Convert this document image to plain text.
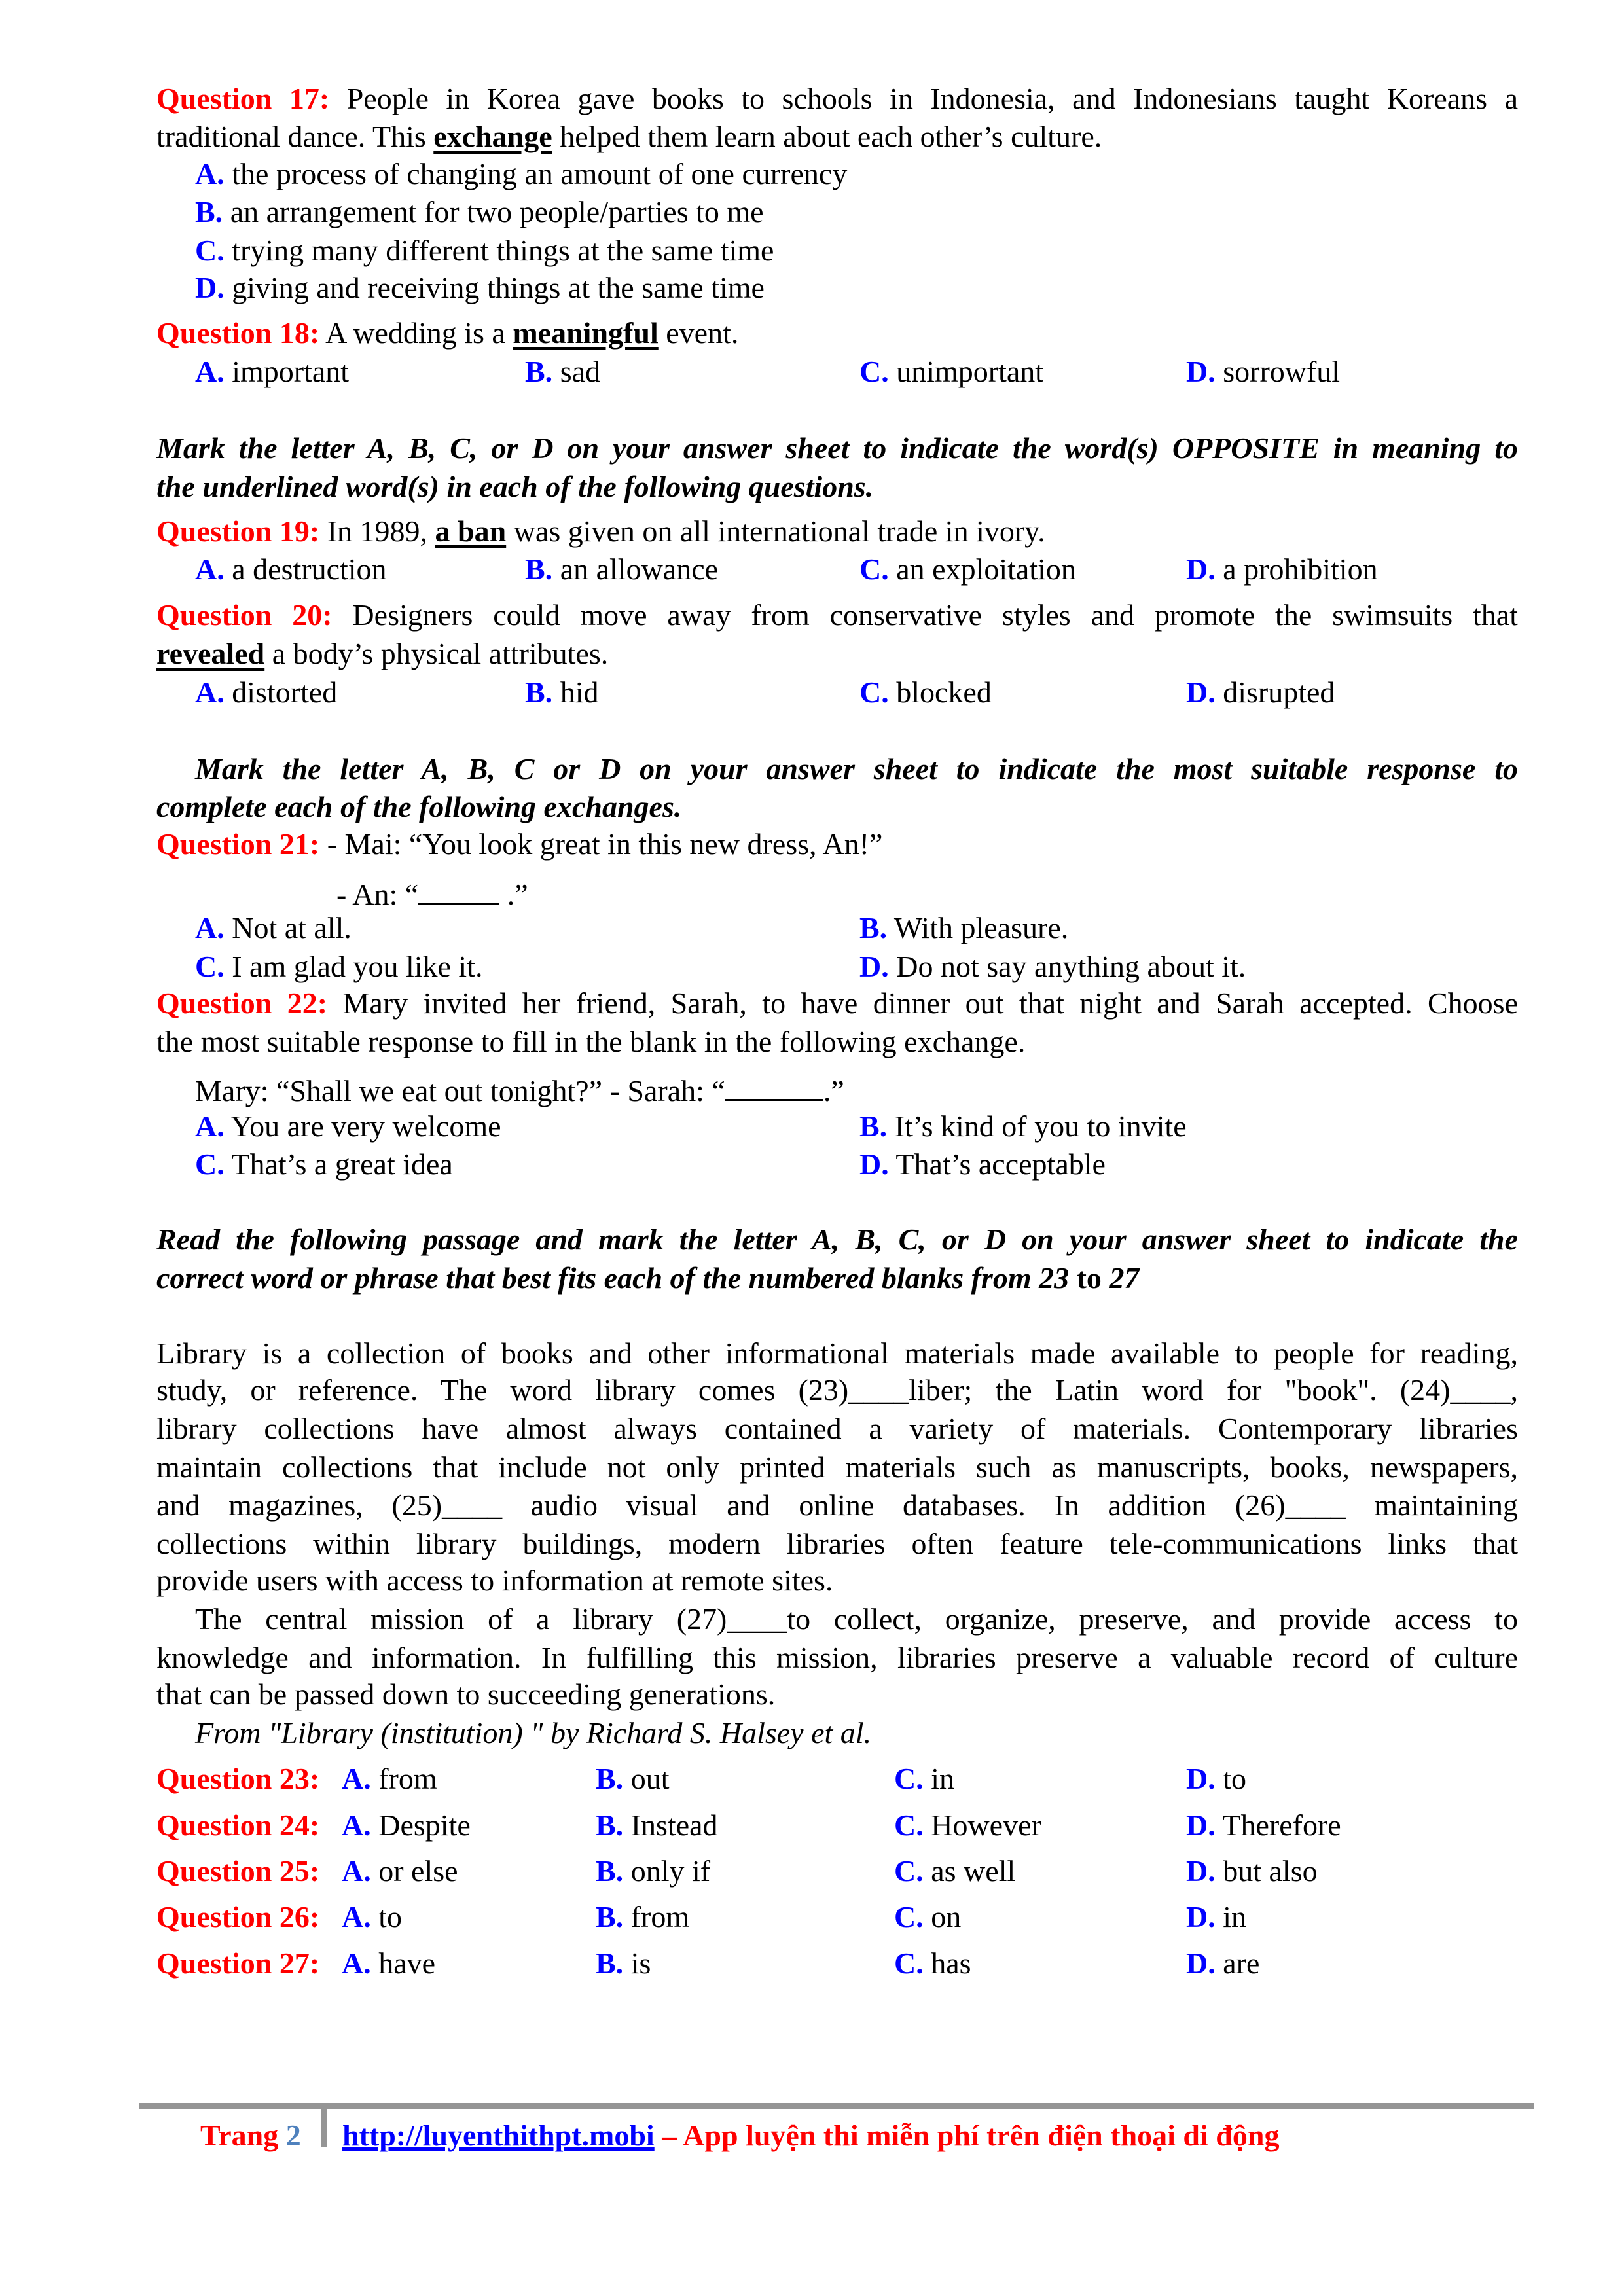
Question 17: People in Korea gave books to schools in Indonesia, and Indonesians taught Koreans a
traditional dance. This exchange helped them learn about each other’s culture.
A. the process of changing an amount of one currency
B. an arrangement for two people/parties to me
C. trying many different things at the same time
D. giving and receiving things at the same time
Question 18: A wedding is a meaningful event.
A. important	B. sad	C. unimportant	D. sorrowful
Mark the letter A, B, C, or D on your answer sheet to indicate the word(s) OPPOSITE in meaning to
the underlined word(s) in each of the following questions.
Question 19: In 1989, a ban was given on all international trade in ivory.
A. a destruction	B. an allowance	C. an exploitation	D. a prohibition
Question 20: Designers could move away from conservative styles and promote the swimsuits that
revealed a body’s physical attributes.
A. distorted	B. hid	C. blocked	D. disrupted
Mark the letter A, B, C or D on your answer sheet to indicate the most suitable response to
complete each of the following exchanges.
Question 21: - Mai: “You look great in this new dress, An!”
- An: “	.”
A. Not at all.	B. With pleasure.
C. I am glad you like it.	D. Do not say anything about it.
Question 22: Mary invited her friend, Sarah, to have dinner out that night and Sarah accepted. Choose
the most suitable response to fill in the blank in the following exchange.
Mary: “Shall we eat out tonight?” - Sarah: “	.”
A. You are very welcome	B. It’s kind of you to invite
C. That’s a great idea	D. That’s acceptable
Read the following passage and mark the letter A, B, C, or D on your answer sheet to indicate the
correct word or phrase that best fits each of the numbered blanks from 23 to 27
Library is a collection of books and other informational materials made available to people for reading,
study, or reference. The word library comes (23)____liber; the Latin word for "book". (24)____,
library collections have almost always contained a variety of materials. Contemporary libraries
maintain collections that include not only printed materials such as manuscripts, books, newspapers,
and magazines, (25)____ audio visual and online databases. In addition (26)____ maintaining
collections within library buildings, modern libraries often feature tele-communications links that
provide users with access to information at remote sites.
The central mission of a library (27)____to collect, organize, preserve, and provide access to
knowledge and information. In fulfilling this mission, libraries preserve a valuable record of culture
that can be passed down to succeeding generations.
From "Library (institution) " by Richard S. Halsey et al.
Question 23: A. from	B. out	C. in	D. to
Question 24: A. Despite	B. Instead	C. However	D. Therefore
Question 25: A. or else	B. only if	C. as well	D. but also
Question 26: A. to	B. from	C. on	D. in
Question 27: A. have	B. is	C. has	D. are
Trang 2 http://luyenthithpt.mobi – App luyện thi miễn phí trên điện thoại di động
